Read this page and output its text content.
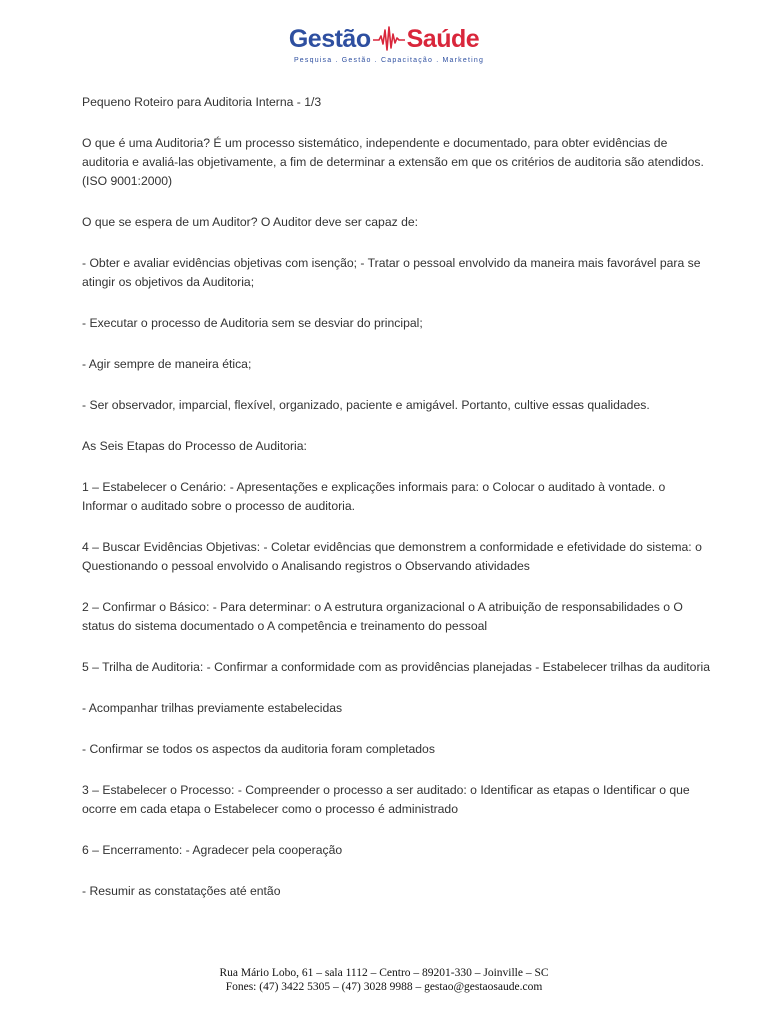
Gestão Saúde
Pesquisa . Gestão . Capacitação . Marketing

Pequeno Roteiro para Auditoria Interna - 1/3

O que é uma Auditoria? É um processo sistemático, independente e documentado, para obter evidências de auditoria e avaliá-las objetivamente, a fim de determinar a extensão em que os critérios de auditoria são atendidos. (ISO 9001:2000)

O que se espera de um Auditor? O Auditor deve ser capaz de:

- Obter e avaliar evidências objetivas com isenção; - Tratar o pessoal envolvido da maneira mais favorável para se atingir os objetivos da Auditoria;

- Executar o processo de Auditoria sem se desviar do principal;

- Agir sempre de maneira ética;

- Ser observador, imparcial, flexível, organizado, paciente e amigável. Portanto, cultive essas qualidades.

As Seis Etapas do Processo de Auditoria:

1 – Estabelecer o Cenário: - Apresentações e explicações informais para: o Colocar o auditado à vontade. o Informar o auditado sobre o processo de auditoria.

4 – Buscar Evidências Objetivas: - Coletar evidências que demonstrem a conformidade e efetividade do sistema: o Questionando o pessoal envolvido o Analisando registros o Observando atividades

2 – Confirmar o Básico: - Para determinar: o A estrutura organizacional o A atribuição de responsabilidades o O status do sistema documentado o A competência e treinamento do pessoal

5 – Trilha de Auditoria: - Confirmar a conformidade com as providências planejadas - Estabelecer trilhas da auditoria

- Acompanhar trilhas previamente estabelecidas

- Confirmar se todos os aspectos da auditoria foram completados

3 – Estabelecer o Processo: - Compreender o processo a ser auditado: o Identificar as etapas o Identificar o que ocorre em cada etapa o Estabelecer como o processo é administrado

6 – Encerramento: - Agradecer pela cooperação

- Resumir as constatações até então

Rua Mário Lobo, 61 – sala 1112 – Centro – 89201-330 – Joinville – SC
Fones: (47) 3422 5305 – (47) 3028 9988 – gestao@gestaosaude.com
